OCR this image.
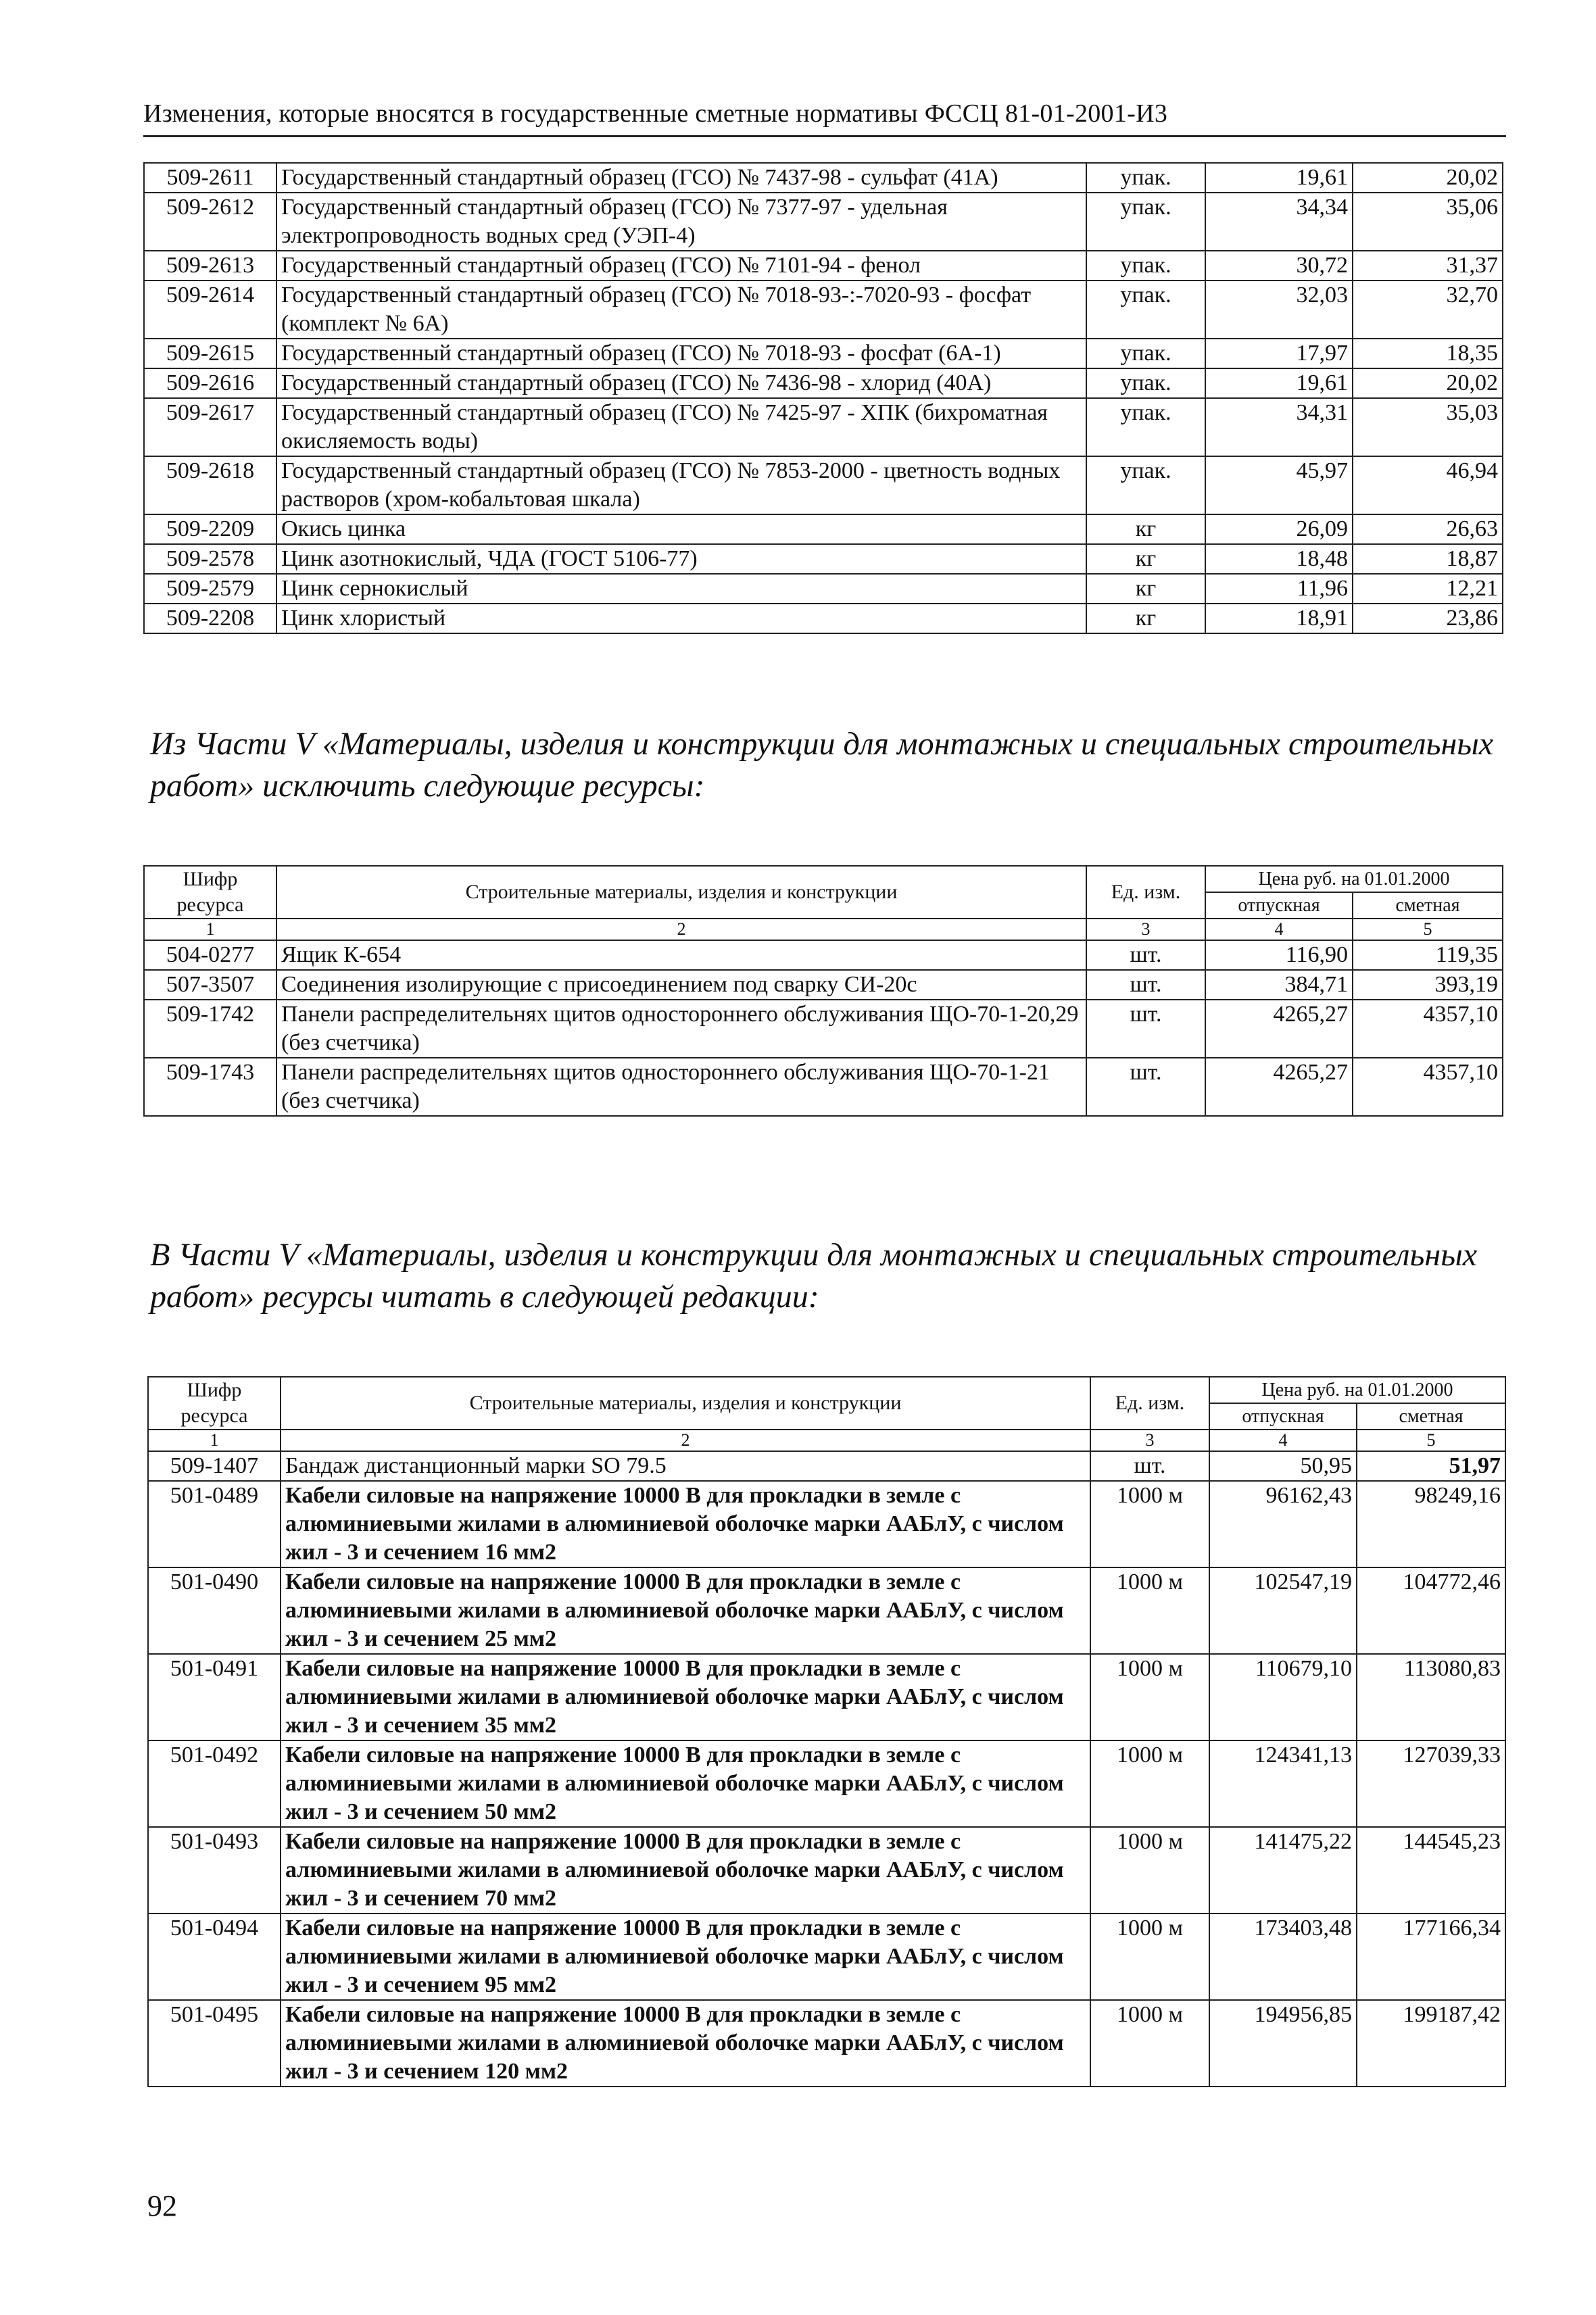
Изменения, которые вносятся в государственные сметные нормативы ФССЦ 81-01-2001-И3
509-2611	Государственный стандартный образец (ГСО) № 7437-98 - сульфат (41А)	упак.	19,61	20,02
509-2612	Государственный стандартный образец (ГСО) № 7377-97 - удельная электропроводность водных сред (УЭП-4)	упак.	34,34	35,06
509-2613	Государственный стандартный образец (ГСО) № 7101-94 - фенол	упак.	30,72	31,37
509-2614	Государственный стандартный образец (ГСО) № 7018-93-:-7020-93 - фосфат (комплект № 6А)	упак.	32,03	32,70
509-2615	Государственный стандартный образец (ГСО) № 7018-93 - фосфат (6А-1)	упак.	17,97	18,35
509-2616	Государственный стандартный образец (ГСО) № 7436-98 - хлорид (40А)	упак.	19,61	20,02
509-2617	Государственный стандартный образец (ГСО) № 7425-97 - ХПК (бихроматная окисляемость воды)	упак.	34,31	35,03
509-2618	Государственный стандартный образец (ГСО) № 7853-2000 - цветность водных растворов (хром-кобальтовая шкала)	упак.	45,97	46,94
509-2209	Окись цинка	кг	26,09	26,63
509-2578	Цинк азотнокислый, ЧДА (ГОСТ 5106-77)	кг	18,48	18,87
509-2579	Цинк сернокислый	кг	11,96	12,21
509-2208	Цинк хлористый	кг	18,91	23,86
Из Части V «Материалы, изделия и конструкции для монтажных и специальных строительных работ» исключить следующие ресурсы:
Шифр ресурса	Строительные материалы, изделия и конструкции	Ед. изм.	Цена руб. на 01.01.2000	
			отпускная	сметная
1	2	3	4	5
504-0277	Ящик К-654	шт.	116,90	119,35
507-3507	Соединения изолирующие с присоединением под сварку СИ-20с	шт.	384,71	393,19
509-1742	Панели распределительнях щитов одностороннего обслуживания ЩО-70-1-20,29 (без счетчика)	шт.	4265,27	4357,10
509-1743	Панели распределительнях щитов одностороннего обслуживания ЩО-70-1-21 (без счетчика)	шт.	4265,27	4357,10
В Части V «Материалы, изделия и конструкции для монтажных и специальных строительных работ» ресурсы читать в следующей редакции:
Шифр ресурса	Строительные материалы, изделия и конструкции	Ед. изм.	Цена руб. на 01.01.2000	
			отпускная	сметная
1	2	3	4	5
509-1407	Бандаж дистанционный марки SO 79.5	шт.	50,95	51,97
501-0489	Кабели силовые на напряжение 10000 В для прокладки в земле с алюминиевыми жилами в алюминиевой оболочке марки ААБлУ, с числом жил - 3 и сечением 16 мм2	1000 м	96162,43	98249,16
501-0490	Кабели силовые на напряжение 10000 В для прокладки в земле с алюминиевыми жилами в алюминиевой оболочке марки ААБлУ, с числом жил - 3 и сечением 25 мм2	1000 м	102547,19	104772,46
501-0491	Кабели силовые на напряжение 10000 В для прокладки в земле с алюминиевыми жилами в алюминиевой оболочке марки ААБлУ, с числом жил - 3 и сечением 35 мм2	1000 м	110679,10	113080,83
501-0492	Кабели силовые на напряжение 10000 В для прокладки в земле с алюминиевыми жилами в алюминиевой оболочке марки ААБлУ, с числом жил - 3 и сечением 50 мм2	1000 м	124341,13	127039,33
501-0493	Кабели силовые на напряжение 10000 В для прокладки в земле с алюминиевыми жилами в алюминиевой оболочке марки ААБлУ, с числом жил - 3 и сечением 70 мм2	1000 м	141475,22	144545,23
501-0494	Кабели силовые на напряжение 10000 В для прокладки в земле с алюминиевыми жилами в алюминиевой оболочке марки ААБлУ, с числом жил - 3 и сечением 95 мм2	1000 м	173403,48	177166,34
501-0495	Кабели силовые на напряжение 10000 В для прокладки в земле с алюминиевыми жилами в алюминиевой оболочке марки ААБлУ, с числом жил - 3 и сечением 120 мм2	1000 м	194956,85	199187,42
92
